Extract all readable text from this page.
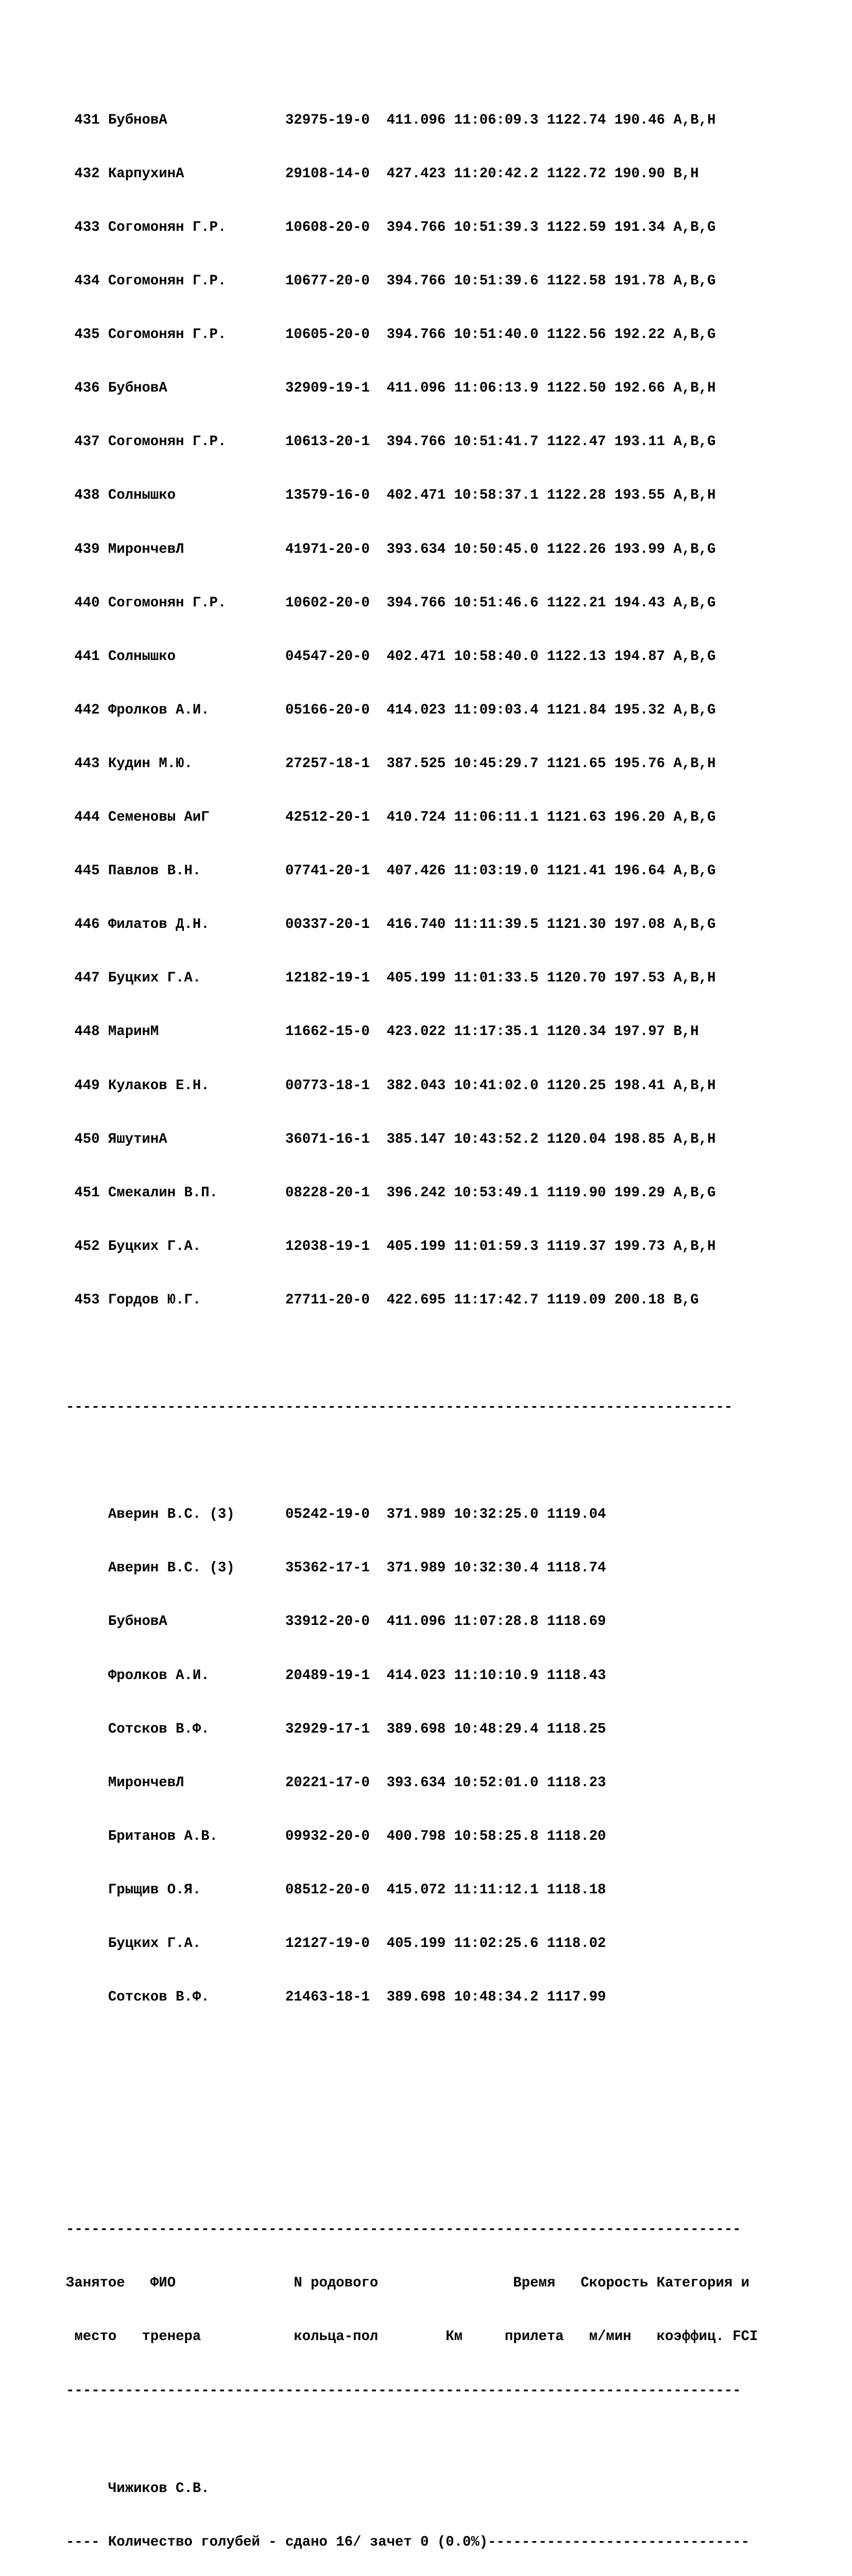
431 БубновА              32975-19-0  411.096 11:06:09.3 1122.74 190.46 A,B,H

432 КарпухинА            29108-14-0  427.423 11:20:42.2 1122.72 190.90 B,H

433 Согомонян Г.Р.       10608-20-0  394.766 10:51:39.3 1122.59 191.34 A,B,G

434 Согомонян Г.Р.       10677-20-0  394.766 10:51:39.6 1122.58 191.78 A,B,G

435 Согомонян Г.Р.       10605-20-0  394.766 10:51:40.0 1122.56 192.22 A,B,G

436 БубновА              32909-19-1  411.096 11:06:13.9 1122.50 192.66 A,B,H

437 Согомонян Г.Р.       10613-20-1  394.766 10:51:41.7 1122.47 193.11 A,B,G

438 Солнышко             13579-16-0  402.471 10:58:37.1 1122.28 193.55 A,B,H

439 МирончевЛ            41971-20-0  393.634 10:50:45.0 1122.26 193.99 A,B,G

440 Согомонян Г.Р.       10602-20-0  394.766 10:51:46.6 1122.21 194.43 A,B,G

441 Солнышко             04547-20-0  402.471 10:58:40.0 1122.13 194.87 A,B,G

442 Фролков А.И.         05166-20-0  414.023 11:09:03.4 1121.84 195.32 A,B,G

443 Кудин М.Ю.           27257-18-1  387.525 10:45:29.7 1121.65 195.76 A,B,H

444 Семеновы АиГ         42512-20-1  410.724 11:06:11.1 1121.63 196.20 A,B,G

445 Павлов В.Н.          07741-20-1  407.426 11:03:19.0 1121.41 196.64 A,B,G

446 Филатов Д.Н.         00337-20-1  416.740 11:11:39.5 1121.30 197.08 A,B,G

447 Буцких Г.А.          12182-19-1  405.199 11:01:33.5 1120.70 197.53 A,B,H

448 МаринМ               11662-15-0  423.022 11:17:35.1 1120.34 197.97 B,H

449 Кулаков Е.Н.         00773-18-1  382.043 10:41:02.0 1120.25 198.41 A,B,H

450 ЯшутинА              36071-16-1  385.147 10:43:52.2 1120.04 198.85 A,B,H

451 Смекалин В.П.        08228-20-1  396.242 10:53:49.1 1119.90 199.29 A,B,G

452 Буцких Г.А.          12038-19-1  405.199 11:01:59.3 1119.37 199.73 A,B,H

453 Гордов Ю.Г.          27711-20-0  422.695 11:17:42.7 1119.09 200.18 B,G

-------------------------------------------------------------------------------

Аверин В.С. (3)      05242-19-0  371.989 10:32:25.0 1119.04

Аверин В.С. (3)      35362-17-1  371.989 10:32:30.4 1118.74

БубновА              33912-20-0  411.096 11:07:28.8 1118.69

Фролков А.И.         20489-19-1  414.023 11:10:10.9 1118.43

Сотсков В.Ф.         32929-17-1  389.698 10:48:29.4 1118.25

МирончевЛ            20221-17-0  393.634 10:52:01.0 1118.23

Британов А.В.        09932-20-0  400.798 10:58:25.8 1118.20

Грыщив О.Я.          08512-20-0  415.072 11:11:12.1 1118.18

Буцких Г.А.          12127-19-0  405.199 11:02:25.6 1118.02

Сотсков В.Ф.         21463-18-1  389.698 10:48:34.2 1117.99

--------------------------------------------------------------------------------

Занятое   ФИО              N родового                Время   Скорость Категория и

место   тренера           кольца-пол        Км     прилета   м/мин   коэффиц. FCI

--------------------------------------------------------------------------------

Чижиков С.В.

---- Количество голубей - сдано 16/ зачет 0 (0.0%)-------------------------------
